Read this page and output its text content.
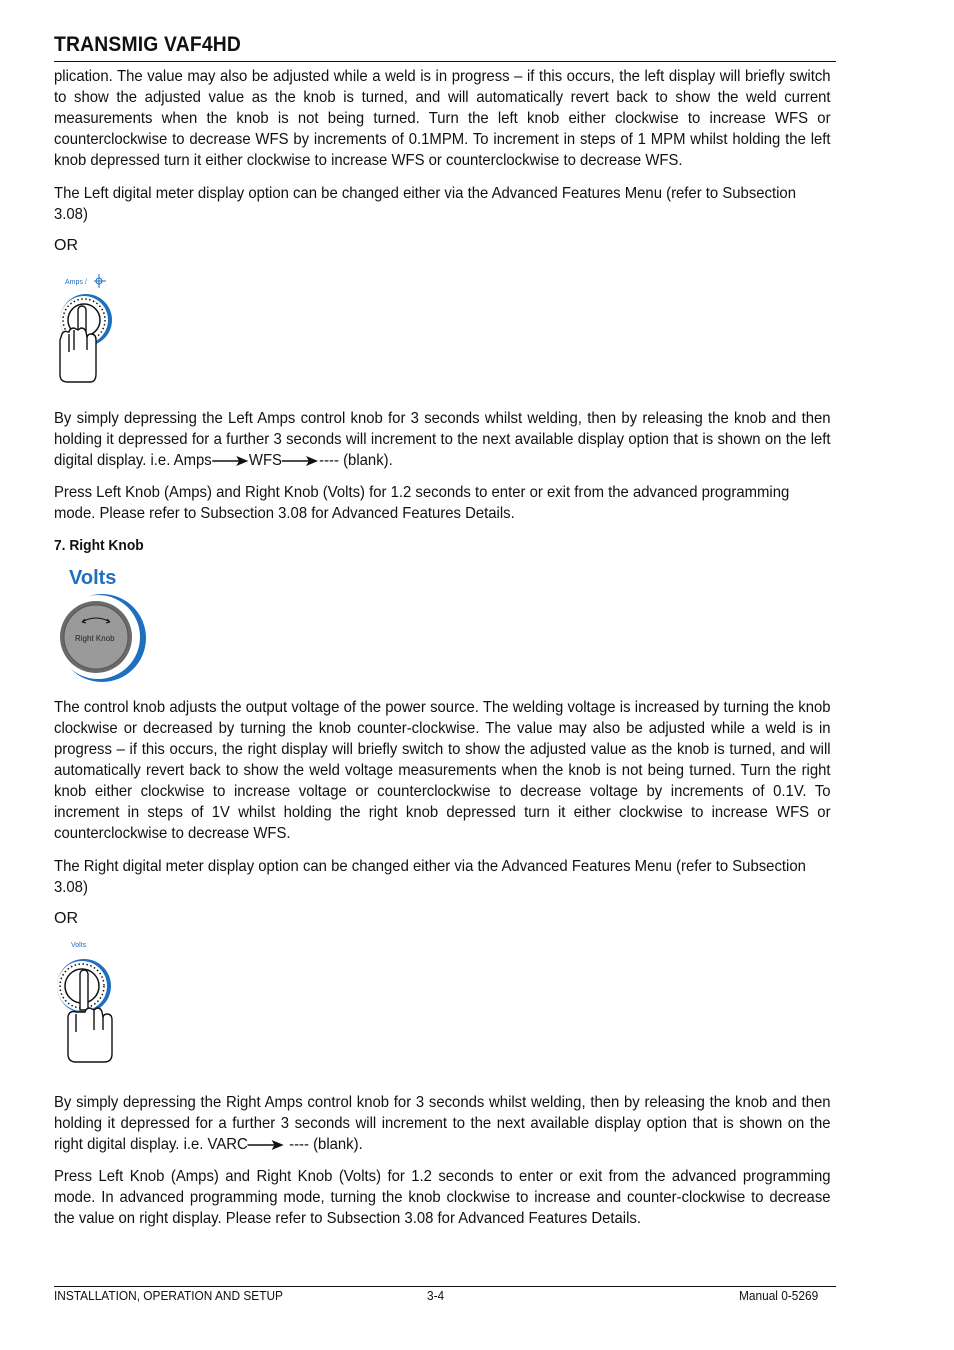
TRANSMIG VAF4HD
plication. The value may also be adjusted while a weld is in progress – if this occurs, the left display will briefly switch to show the adjusted value as the knob is turned, and will automatically revert back to show the weld current measurements when the knob is not being turned. Turn the left knob either clockwise to increase WFS or counterclockwise to decrease WFS by increments of 0.1MPM. To increment in steps of 1 MPM whilst holding the left knob depressed turn it either clockwise to increase WFS or counterclockwise to decrease WFS.
The Left digital meter display option can be changed either via the Advanced Features Menu (refer to Subsection 3.08)
OR
Amps /
By simply depressing the Left Amps control knob for 3 seconds whilst welding, then by releasing the knob and then holding it depressed for a further 3 seconds will increment to the next available display option that is shown on the left digital display. i.e. Amps WFS ---- (blank).
Press Left Knob (Amps) and Right Knob (Volts) for 1.2 seconds to enter or exit from the advanced programming mode. Please refer to Subsection 3.08 for Advanced Features Details.
7. Right Knob
Volts
Right Knob
The control knob adjusts the output voltage of the power source. The welding voltage is increased by turning the knob clockwise or decreased by turning the knob counter-clockwise. The value may also be adjusted while a weld is in progress – if this occurs, the right display will briefly switch to show the adjusted value as the knob is turned, and will automatically revert back to show the weld voltage measurements when the knob is not being turned. Turn the right knob either clockwise to increase voltage or counterclockwise to decrease voltage by increments of 0.1V. To increment in steps of 1V whilst holding the right knob depressed turn it either clockwise to increase WFS or counterclockwise to decrease WFS.
The Right digital meter display option can be changed either via the Advanced Features Menu (refer to Subsection 3.08)
OR
Volts
By simply depressing the Right Amps control knob for 3 seconds whilst welding, then by releasing the knob and then holding it depressed for a further 3 seconds will increment to the next available display option that is shown on the right digital display. i.e. VARC ---- (blank).
Press Left Knob (Amps) and Right Knob (Volts) for 1.2 seconds to enter or exit from the advanced programming mode. In advanced programming mode, turning the knob clockwise to increase and counter-clockwise to decrease the value on right display. Please refer to Subsection 3.08 for Advanced Features Details.
INSTALLATION, OPERATION AND SETUP	3-4	Manual 0-5269
